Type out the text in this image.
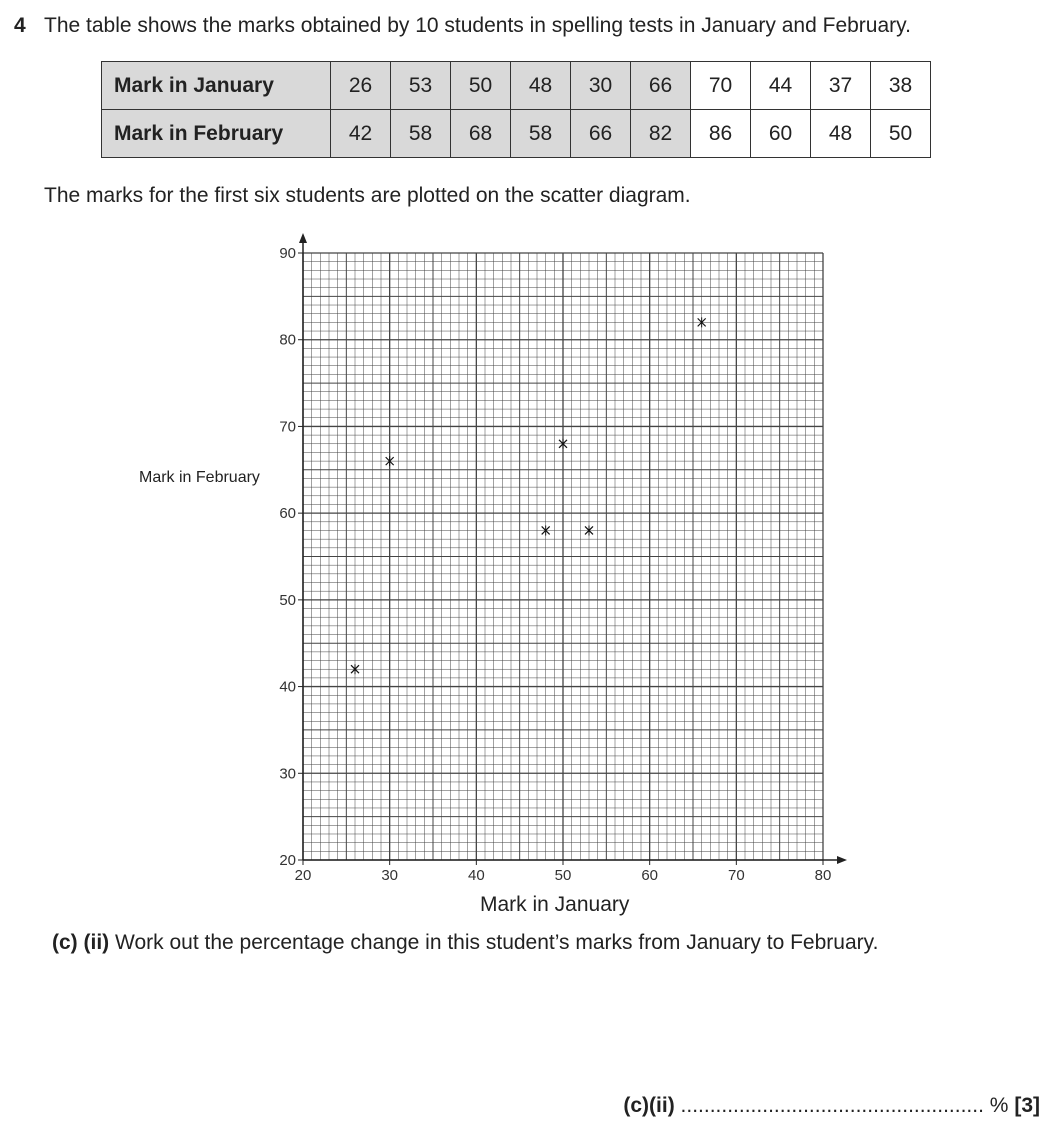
4 The table shows the marks obtained by 10 students in spelling tests in January and February.
Mark in January	26	53	50	48	30	66	70	44	37	38
Mark in February	42	58	68	58	66	82	86	60	48	50
The marks for the first six students are plotted on the scatter diagram.
20	30	40	50	60	70	80
20
30
40
50
60
70
80
90
Mark in February
Mark in January
(c) (ii) Work out the percentage change in this student’s marks from January to February.
(c)(ii) .................................................... % [3]
